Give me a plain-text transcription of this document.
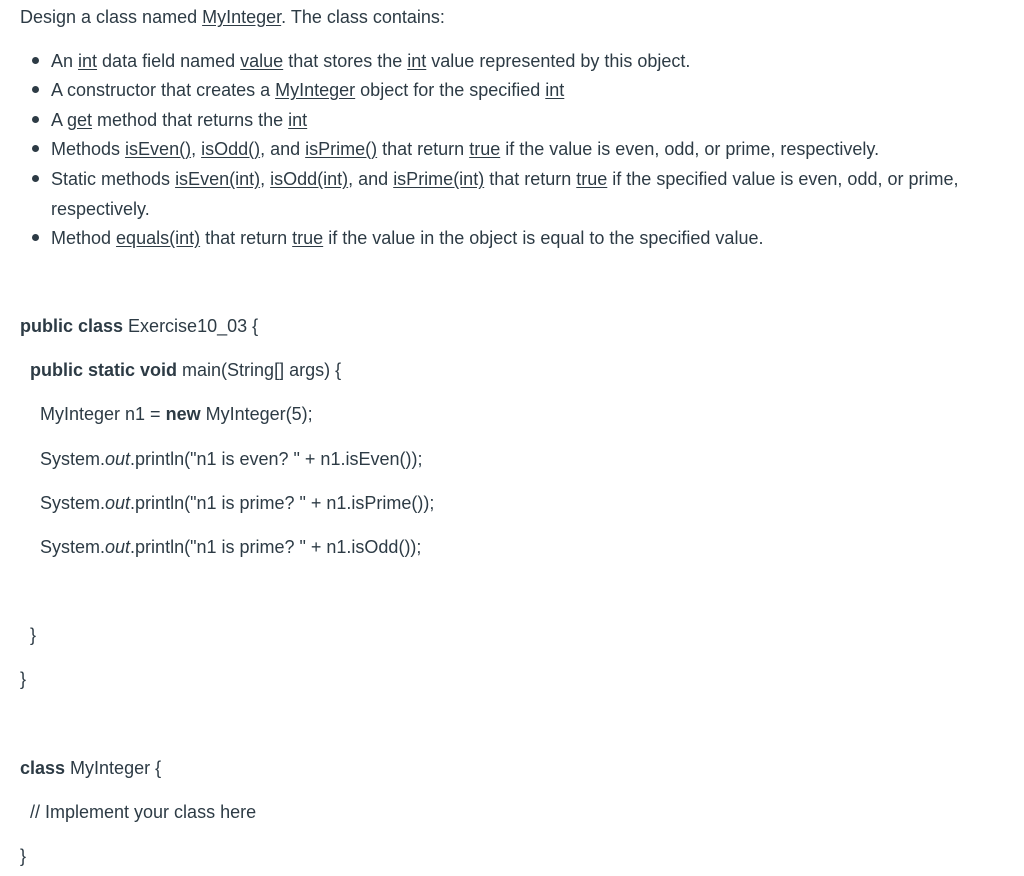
Design a class named MyInteger. The class contains:
An int data field named value that stores the int value represented by this object.
A constructor that creates a MyInteger object for the specified int
A get method that returns the int
Methods isEven(), isOdd(), and isPrime() that return true if the value is even, odd, or prime, respectively.
Static methods isEven(int), isOdd(int), and isPrime(int) that return true if the specified value is even, odd, or prime,
respectively.
Method equals(int) that return true if the value in the object is equal to the specified value.
public class Exercise10_03 {
public static void main(String[] args) {
MyInteger n1 = new MyInteger(5);
System.out.println("n1 is even? " + n1.isEven());
System.out.println("n1 is prime? " + n1.isPrime());
System.out.println("n1 is prime? " + n1.isOdd());
}
}
class MyInteger {
// Implement your class here
}
